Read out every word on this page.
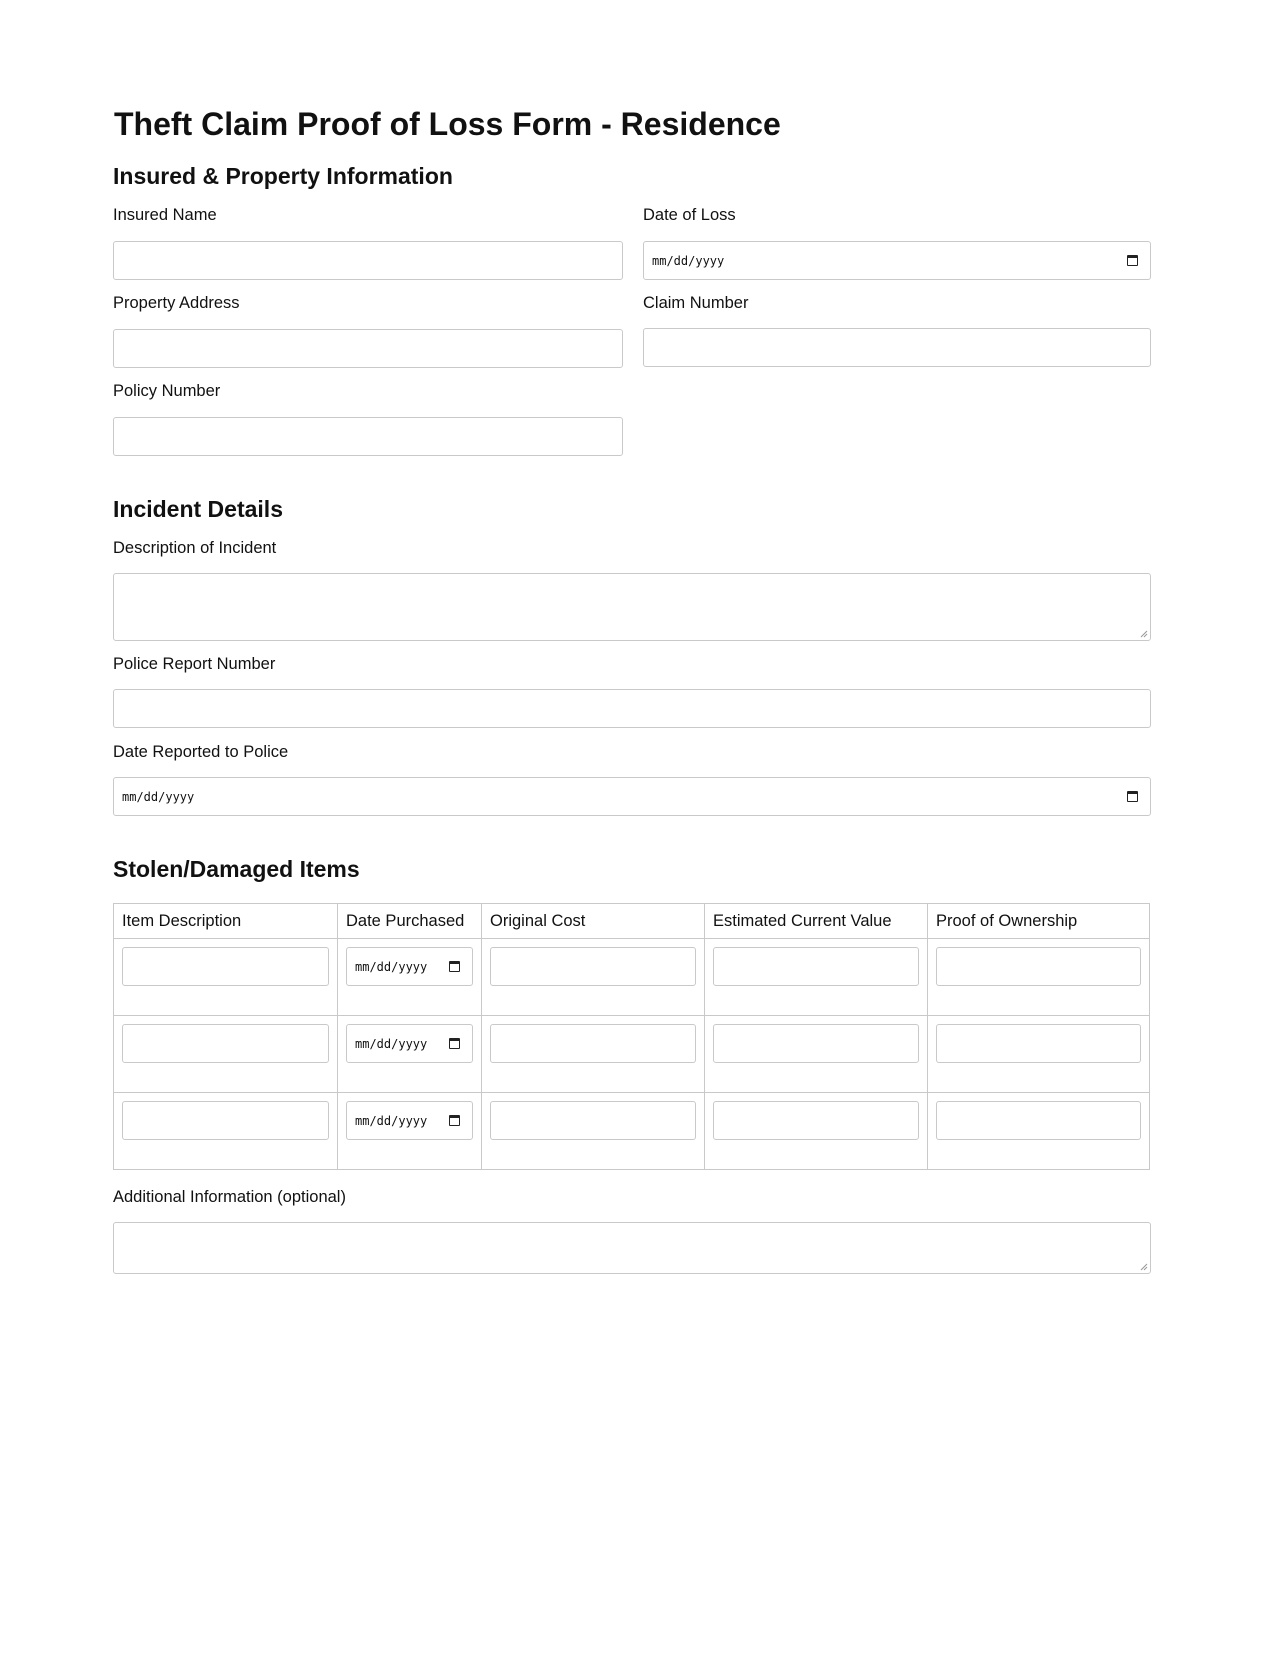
Theft Claim Proof of Loss Form - Residence
Insured & Property Information
Insured Name	Date of Loss
mm/dd/yyyy
Property Address	Claim Number
Policy Number
Incident Details
Description of Incident
Police Report Number
Date Reported to Police
mm/dd/yyyy
Stolen/Damaged Items
Item Description	Date Purchased	Original Cost	Estimated Current Value	Proof of Ownership

	mm/dd/yyyy			

	mm/dd/yyyy			

	mm/dd/yyyy			

Additional Information (optional)
